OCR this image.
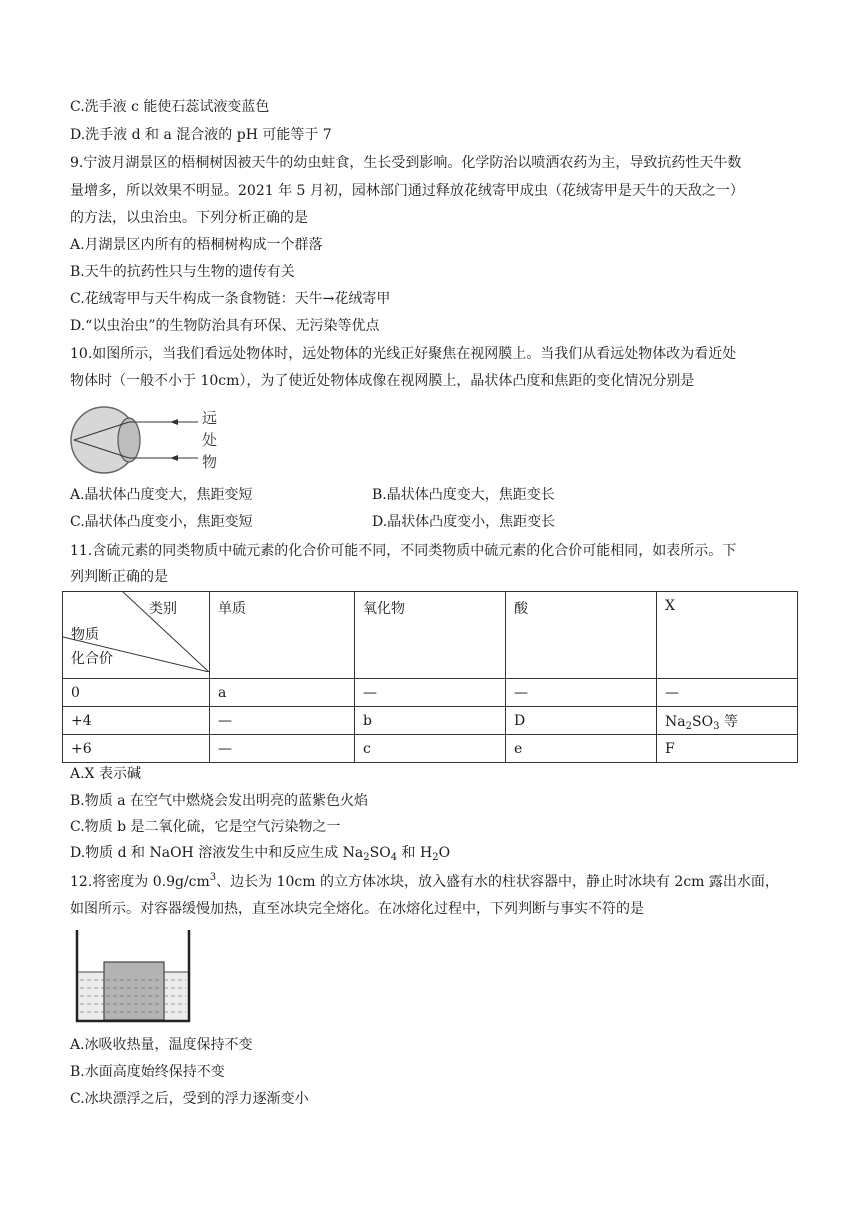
C.洗手液 c 能使石蕊试液变蓝色
D.洗手液 d 和 a 混合液的 pH 可能等于 7
9.宁波月湖景区的梧桐树因被天牛的幼虫蛀食，生长受到影响。化学防治以喷洒农药为主，导致抗药性天牛数
量增多，所以效果不明显。2021 年 5 月初，园林部门通过释放花绒寄甲成虫（花绒寄甲是天牛的天敌之一）
的方法，以虫治虫。下列分析正确的是
A.月湖景区内所有的梧桐树构成一个群落
B.天牛的抗药性只与生物的遗传有关
C.花绒寄甲与天牛构成一条食物链：天牛→花绒寄甲
D.“以虫治虫”的生物防治具有环保、无污染等优点
10.如图所示，当我们看远处物体时，远处物体的光线正好聚焦在视网膜上。当我们从看远处物体改为看近处
物体时（一般不小于 10cm），为了使近处物体成像在视网膜上，晶状体凸度和焦距的变化情况分别是
远
处
物
A.晶状体凸度变大，焦距变短	B.晶状体凸度变大，焦距变长
C.晶状体凸度变小，焦距变短	D.晶状体凸度变小，焦距变长
11.含硫元素的同类物质中硫元素的化合价可能不同，不同类物质中硫元素的化合价可能相同，如表所示。下
列判断正确的是
类别
物质
化合价	单质	氧化物	酸	X
0	a	—	—	—
+4	—	b	D	$Na_2SO_3$ 等
+6	—	c	e	F
A.X 表示碱
B.物质 a 在空气中燃烧会发出明亮的蓝紫色火焰
C.物质 b 是二氧化硫，它是空气污染物之一
D.物质 d 和 NaOH 溶液发生中和反应生成 $Na_2SO_4$ 和 $H_2O$
12.将密度为 $0.9g/cm^3$、边长为 10cm 的立方体冰块，放入盛有水的柱状容器中，静止时冰块有 2cm 露出水面，
如图所示。对容器缓慢加热，直至冰块完全熔化。在冰熔化过程中，下列判断与事实不符的是
A.冰吸收热量，温度保持不变
B.水面高度始终保持不变
C.冰块漂浮之后，受到的浮力逐渐变小
